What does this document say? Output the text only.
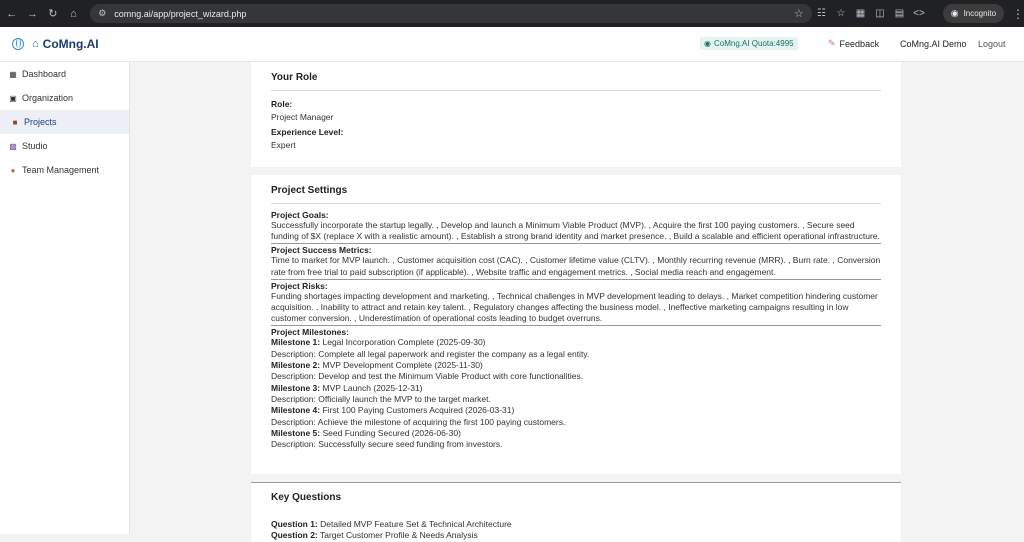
← → ↻	⌂	⚙ comng.ai/app/project_wizard.php	☆	☷	☆	▦	◫	▤ <>	◉ Incognito ⋮
⌂ CoMng.AI	◉ CoMng.AI Quota:4995	✎ Feedback CoMng.AI Demo Logout
▦ Dashboard
▣ Organization
■ Projects
▩ Studio
● Team Management
Your Role
Role:
Project Manager
Experience Level:
Expert
Project Settings
Project Goals:
Successfully incorporate the startup legally. , Develop and launch a Minimum Viable Product (MVP). , Acquire the first 100 paying customers. , Secure seed funding of $X (replace X with a realistic amount). , Establish a strong brand identity and market presence. , Build a scalable and efficient operational infrastructure.
Project Success Metrics:
Time to market for MVP launch. , Customer acquisition cost (CAC). , Customer lifetime value (CLTV). , Monthly recurring revenue (MRR). , Burn rate. , Conversion rate from free trial to paid subscription (if applicable). , Website traffic and engagement metrics. , Social media reach and engagement.
Project Risks:
Funding shortages impacting development and marketing. , Technical challenges in MVP development leading to delays. , Market competition hindering customer acquisition. , Inability to attract and retain key talent. , Regulatory changes affecting the business model. , Ineffective marketing campaigns resulting in low customer conversion. , Underestimation of operational costs leading to budget overruns.
Project Milestones:
Milestone 1: Legal Incorporation Complete (2025-09-30)
Description: Complete all legal paperwork and register the company as a legal entity.
Milestone 2: MVP Development Complete (2025-11-30)
Description: Develop and test the Minimum Viable Product with core functionalities.
Milestone 3: MVP Launch (2025-12-31)
Description: Officially launch the MVP to the target market.
Milestone 4: First 100 Paying Customers Acquired (2026-03-31)
Description: Achieve the milestone of acquiring the first 100 paying customers.
Milestone 5: Seed Funding Secured (2026-06-30)
Description: Successfully secure seed funding from investors.
Key Questions
Question 1: Detailed MVP Feature Set & Technical Architecture
Question 2: Target Customer Profile & Needs Analysis
